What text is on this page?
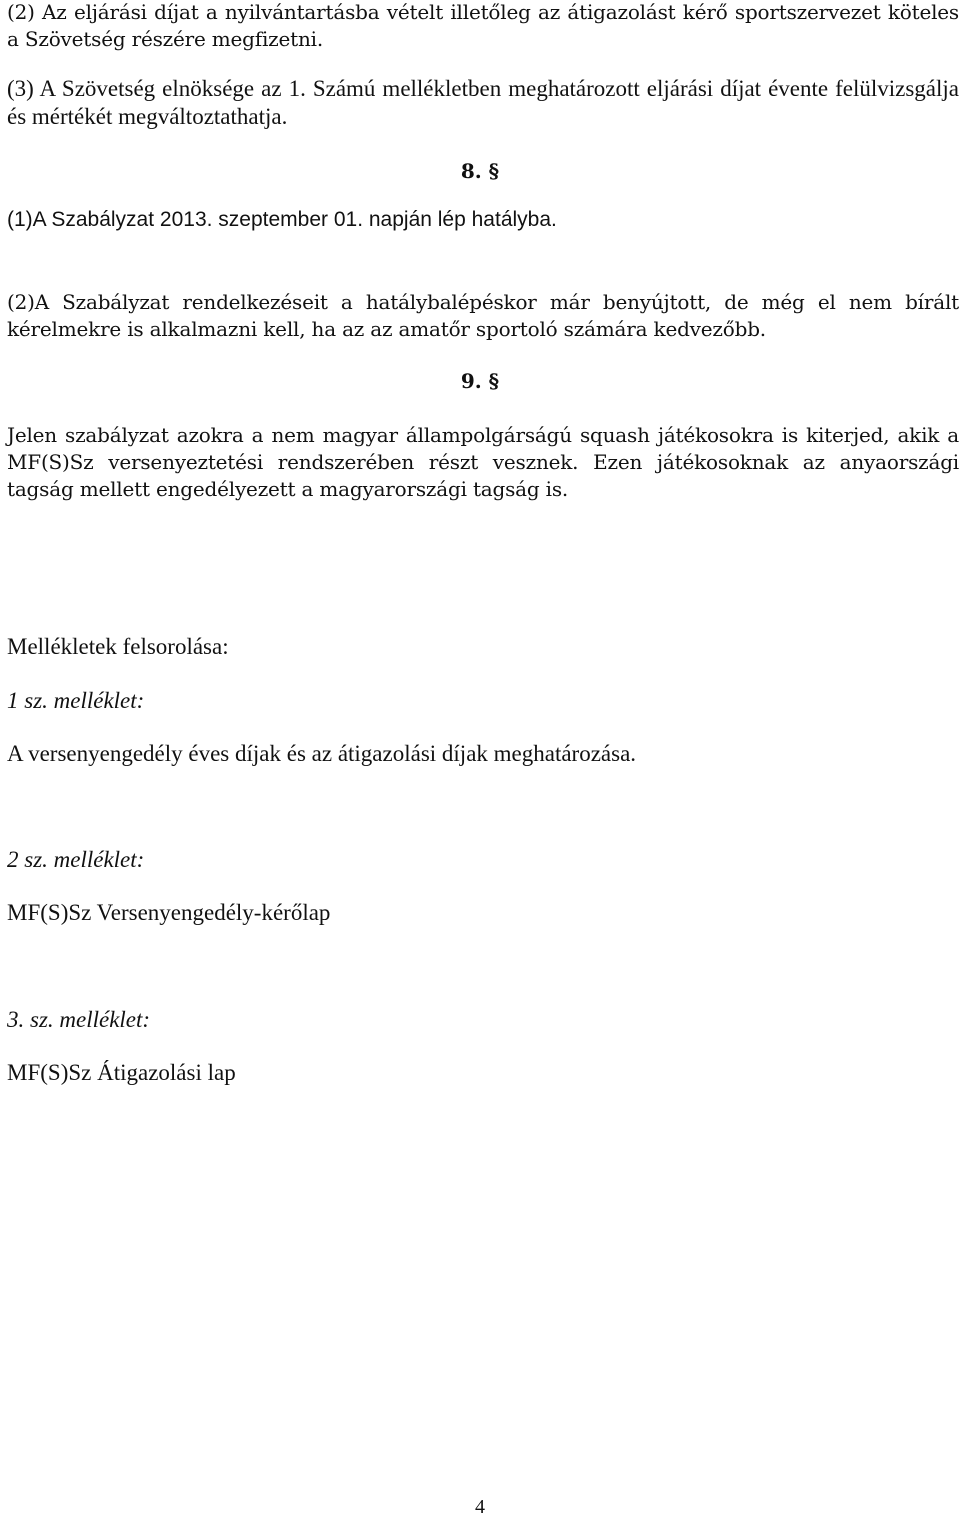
(2) Az eljárási díjat a nyilvántartásba vételt illetőleg az átigazolást kérő sportszervezet köteles a Szövetség részére megfizetni.

(3) A Szövetség elnöksége az 1. Számú mellékletben meghatározott eljárási díjat évente felülvizsgálja és mértékét megváltoztathatja.

8. §

(1)A Szabályzat 2013. szeptember 01. napján lép hatályba.

(2)A Szabályzat rendelkezéseit a hatálybalépéskor már benyújtott, de még el nem bírált kérelmekre is alkalmazni kell, ha az az amatőr sportoló számára kedvezőbb.

9. §

Jelen szabályzat azokra a nem magyar állampolgárságú squash játékosokra is kiterjed, akik a MF(S)Sz versenyeztetési rendszerében részt vesznek. Ezen játékosoknak az anyaországi tagság mellett engedélyezett a magyarországi tagság is.

Mellékletek felsorolása:

1 sz. melléklet:

A versenyengedély éves díjak és az átigazolási díjak meghatározása.

2 sz. melléklet:

MF(S)Sz Versenyengedély-kérőlap

3. sz. melléklet:

MF(S)Sz Átigazolási lap

4
